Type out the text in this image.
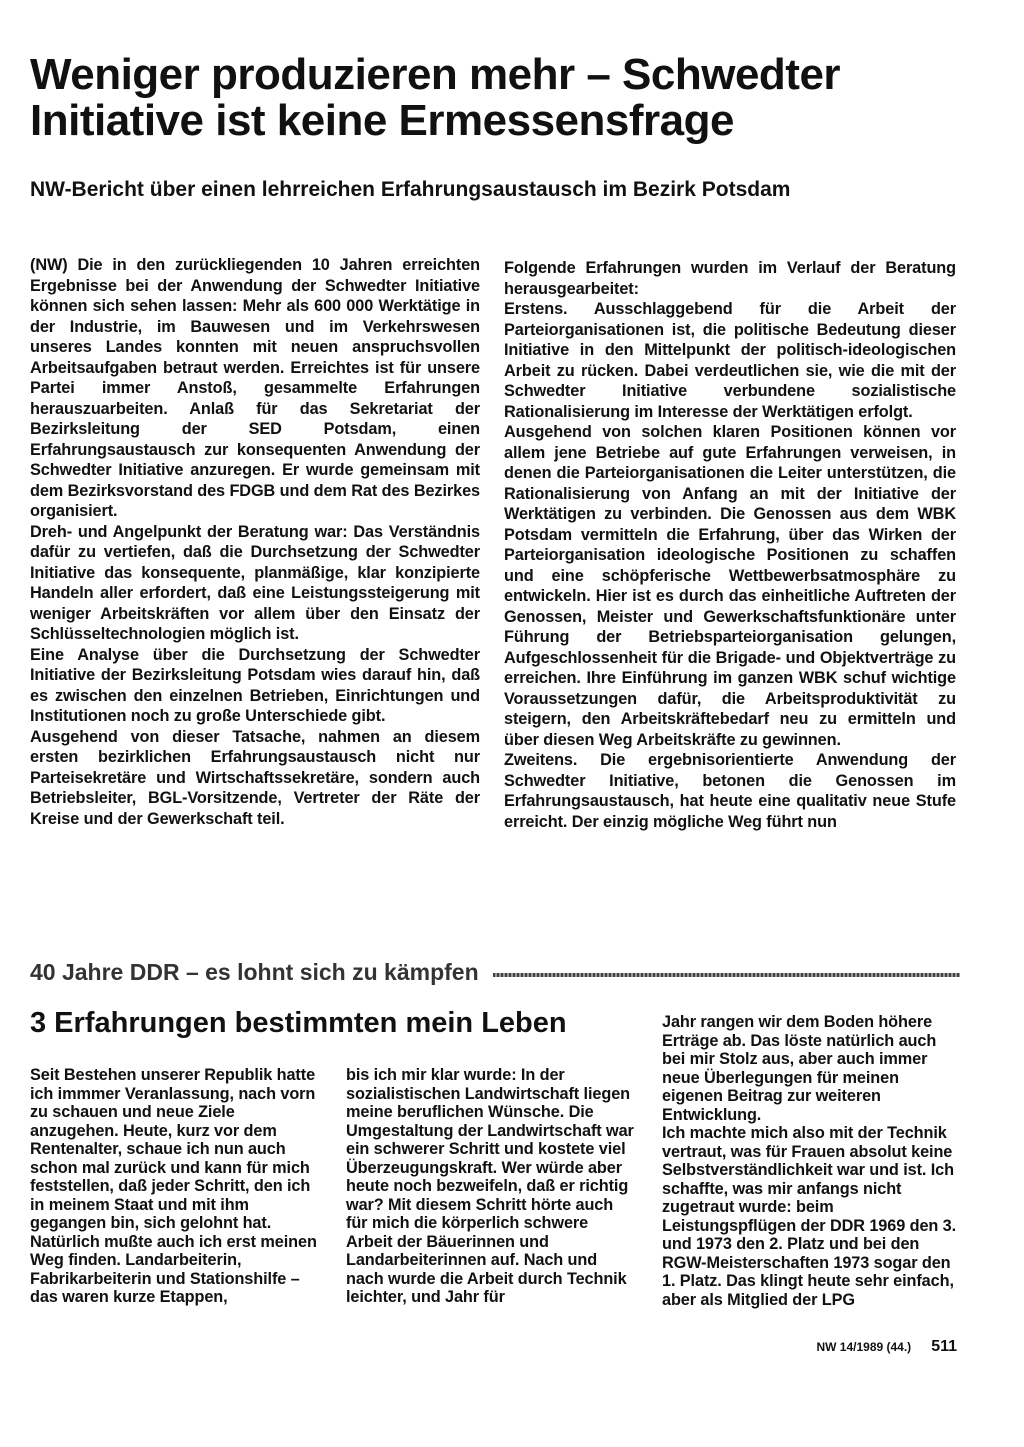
Weniger produzieren mehr – Schwedter
Initiative ist keine Ermessensfrage
NW-Bericht über einen lehrreichen Erfahrungsaustausch im Bezirk Potsdam

(NW) Die in den zurückliegenden 10 Jahren erreichten Ergebnisse bei der Anwendung der Schwedter Initiative können sich sehen lassen: Mehr als 600 000 Werktätige in der Industrie, im Bauwesen und im Verkehrswesen unseres Landes konnten mit neuen anspruchsvollen Arbeitsaufgaben betraut werden. Erreichtes ist für unsere Partei immer Anstoß, gesammelte Erfahrungen herauszuarbeiten. Anlaß für das Sekretariat der Bezirksleitung der SED Potsdam, einen Erfahrungsaustausch zur konsequenten Anwendung der Schwedter Initiative anzuregen. Er wurde gemeinsam mit dem Bezirksvorstand des FDGB und dem Rat des Bezirkes organisiert.

Dreh- und Angelpunkt der Beratung war: Das Verständnis dafür zu vertiefen, daß die Durchsetzung der Schwedter Initiative das konsequente, planmäßige, klar konzipierte Handeln aller erfordert, daß eine Leistungssteigerung mit weniger Arbeitskräften vor allem über den Einsatz der Schlüsseltechnologien möglich ist.

Eine Analyse über die Durchsetzung der Schwedter Initiative der Bezirksleitung Potsdam wies darauf hin, daß es zwischen den einzelnen Betrieben, Einrichtungen und Institutionen noch zu große Unterschiede gibt.

Ausgehend von dieser Tatsache, nahmen an diesem ersten bezirklichen Erfahrungsaustausch nicht nur Parteisekretäre und Wirtschaftssekretäre, sondern auch Betriebsleiter, BGL-Vorsitzende, Vertreter der Räte der Kreise und der Gewerkschaft teil.

Folgende Erfahrungen wurden im Verlauf der Beratung herausgearbeitet:

Erstens. Ausschlaggebend für die Arbeit der Parteiorganisationen ist, die politische Bedeutung dieser Initiative in den Mittelpunkt der politisch-ideologischen Arbeit zu rücken. Dabei verdeutlichen sie, wie die mit der Schwedter Initiative verbundene sozialistische Rationalisierung im Interesse der Werktätigen erfolgt.

Ausgehend von solchen klaren Positionen können vor allem jene Betriebe auf gute Erfahrungen verweisen, in denen die Parteiorganisationen die Leiter unterstützen, die Rationalisierung von Anfang an mit der Initiative der Werktätigen zu verbinden. Die Genossen aus dem WBK Potsdam vermitteln die Erfahrung, über das Wirken der Parteiorganisation ideologische Positionen zu schaffen und eine schöpferische Wettbewerbsatmosphäre zu entwickeln. Hier ist es durch das einheitliche Auftreten der Genossen, Meister und Gewerkschaftsfunktionäre unter Führung der Betriebsparteiorganisation gelungen, Aufgeschlossenheit für die Brigade- und Objektverträge zu erreichen. Ihre Einführung im ganzen WBK schuf wichtige Voraussetzungen dafür, die Arbeitsproduktivität zu steigern, den Arbeitskräftebedarf neu zu ermitteln und über diesen Weg Arbeitskräfte zu gewinnen.

Zweitens. Die ergebnisorientierte Anwendung der Schwedter Initiative, betonen die Genossen im Erfahrungsaustausch, hat heute eine qualitativ neue Stufe erreicht. Der einzig mögliche Weg führt nun

40 Jahre DDR – es lohnt sich zu kämpfen
3 Erfahrungen bestimmten mein Leben

Seit Bestehen unserer Republik hatte ich immmer Veranlassung, nach vorn zu schauen und neue Ziele anzugehen. Heute, kurz vor dem Rentenalter, schaue ich nun auch schon mal zurück und kann für mich feststellen, daß jeder Schritt, den ich in meinem Staat und mit ihm gegangen bin, sich gelohnt hat.

Natürlich mußte auch ich erst meinen Weg finden. Landarbeiterin, Fabrikarbeiterin und Stationshilfe – das waren kurze Etappen,

bis ich mir klar wurde: In der sozialistischen Landwirtschaft liegen meine beruflichen Wünsche. Die Umgestaltung der Landwirtschaft war ein schwerer Schritt und kostete viel Überzeugungskraft. Wer würde aber heute noch bezweifeln, daß er richtig war? Mit diesem Schritt hörte auch für mich die körperlich schwere Arbeit der Bäuerinnen und Landarbeiterinnen auf. Nach und nach wurde die Arbeit durch Technik leichter, und Jahr für

Jahr rangen wir dem Boden höhere Erträge ab. Das löste natürlich auch bei mir Stolz aus, aber auch immer neue Überlegungen für meinen eigenen Beitrag zur weiteren Entwicklung.

Ich machte mich also mit der Technik vertraut, was für Frauen absolut keine Selbstverständlichkeit war und ist. Ich schaffte, was mir anfangs nicht zugetraut wurde: beim Leistungspflügen der DDR 1969 den 3. und 1973 den 2. Platz und bei den RGW-Meisterschaften 1973 sogar den 1. Platz. Das klingt heute sehr einfach, aber als Mitglied der LPG

NW 14/1989 (44.) 511
